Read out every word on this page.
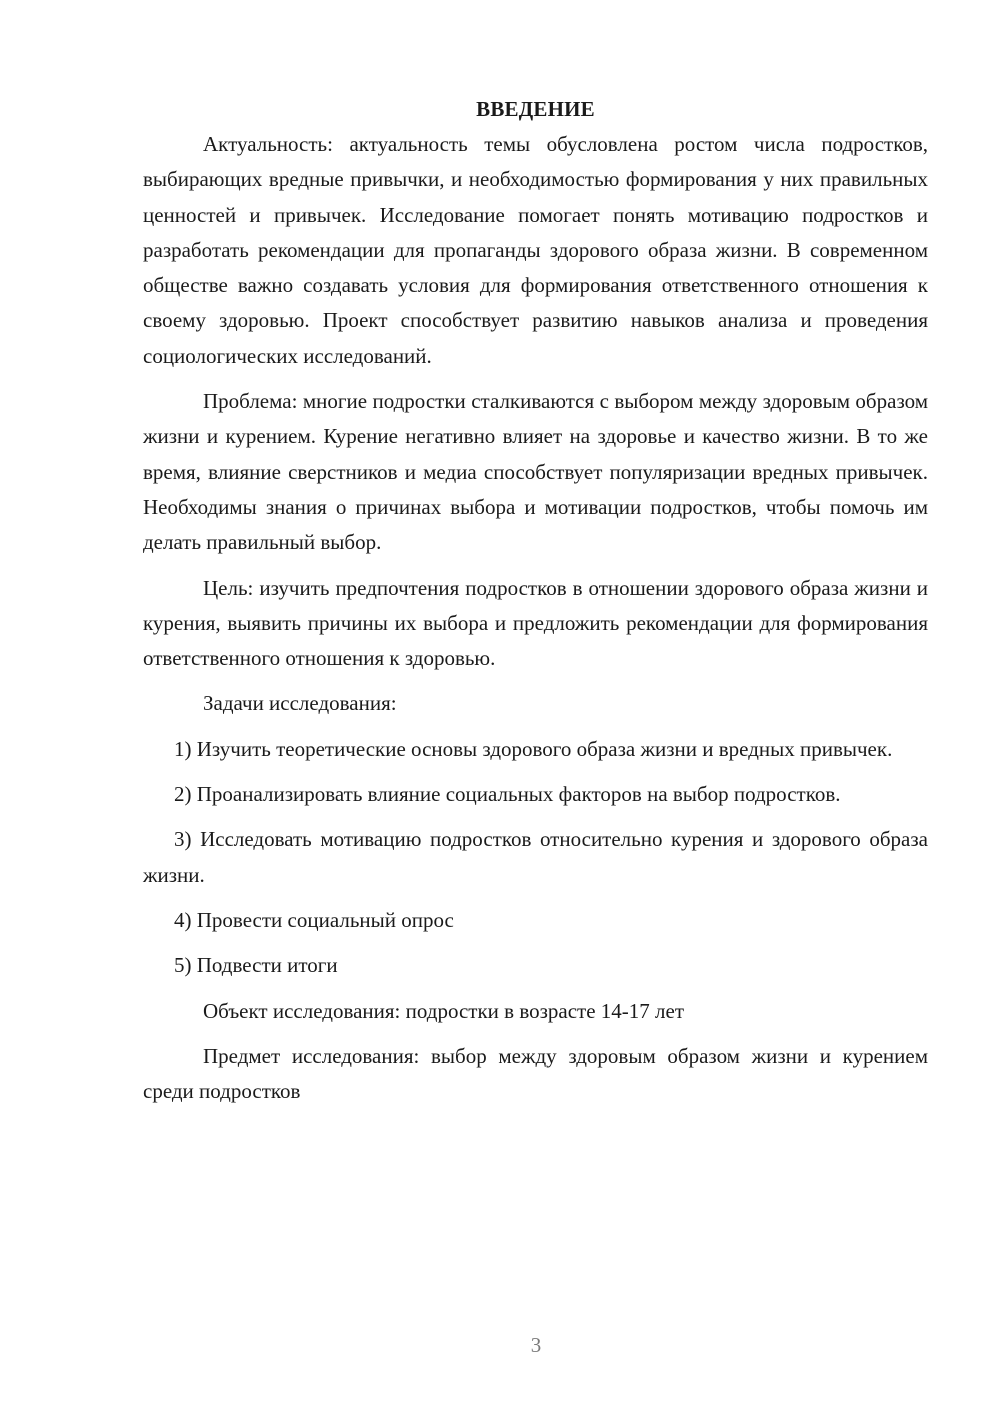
ВВЕДЕНИЕ

Актуальность: актуальность темы обусловлена ростом числа подростков, выбирающих вредные привычки, и необходимостью формирования у них правильных ценностей и привычек. Исследование помогает понять мотивацию подростков и разработать рекомендации для пропаганды здорового образа жизни. В современном обществе важно создавать условия для формирования ответственного отношения к своему здоровью. Проект способствует развитию навыков анализа и проведения социологических исследований.

Проблема: многие подростки сталкиваются с выбором между здоровым образом жизни и курением. Курение негативно влияет на здоровье и качество жизни. В то же время, влияние сверстников и медиа способствует популяризации вредных привычек. Необходимы знания о причинах выбора и мотивации подростков, чтобы помочь им делать правильный выбор.

Цель: изучить предпочтения подростков в отношении здорового образа жизни и курения, выявить причины их выбора и предложить рекомендации для формирования ответственного отношения к здоровью.

Задачи исследования:

1) Изучить теоретические основы здорового образа жизни и вредных привычек.

2) Проанализировать влияние социальных факторов на выбор подростков.

3) Исследовать мотивацию подростков относительно курения и здорового образа жизни.

4) Провести социальный опрос

5) Подвести итоги

Объект исследования: подростки в возрасте 14-17 лет

Предмет исследования: выбор между здоровым образом жизни и курением среди подростков

3
